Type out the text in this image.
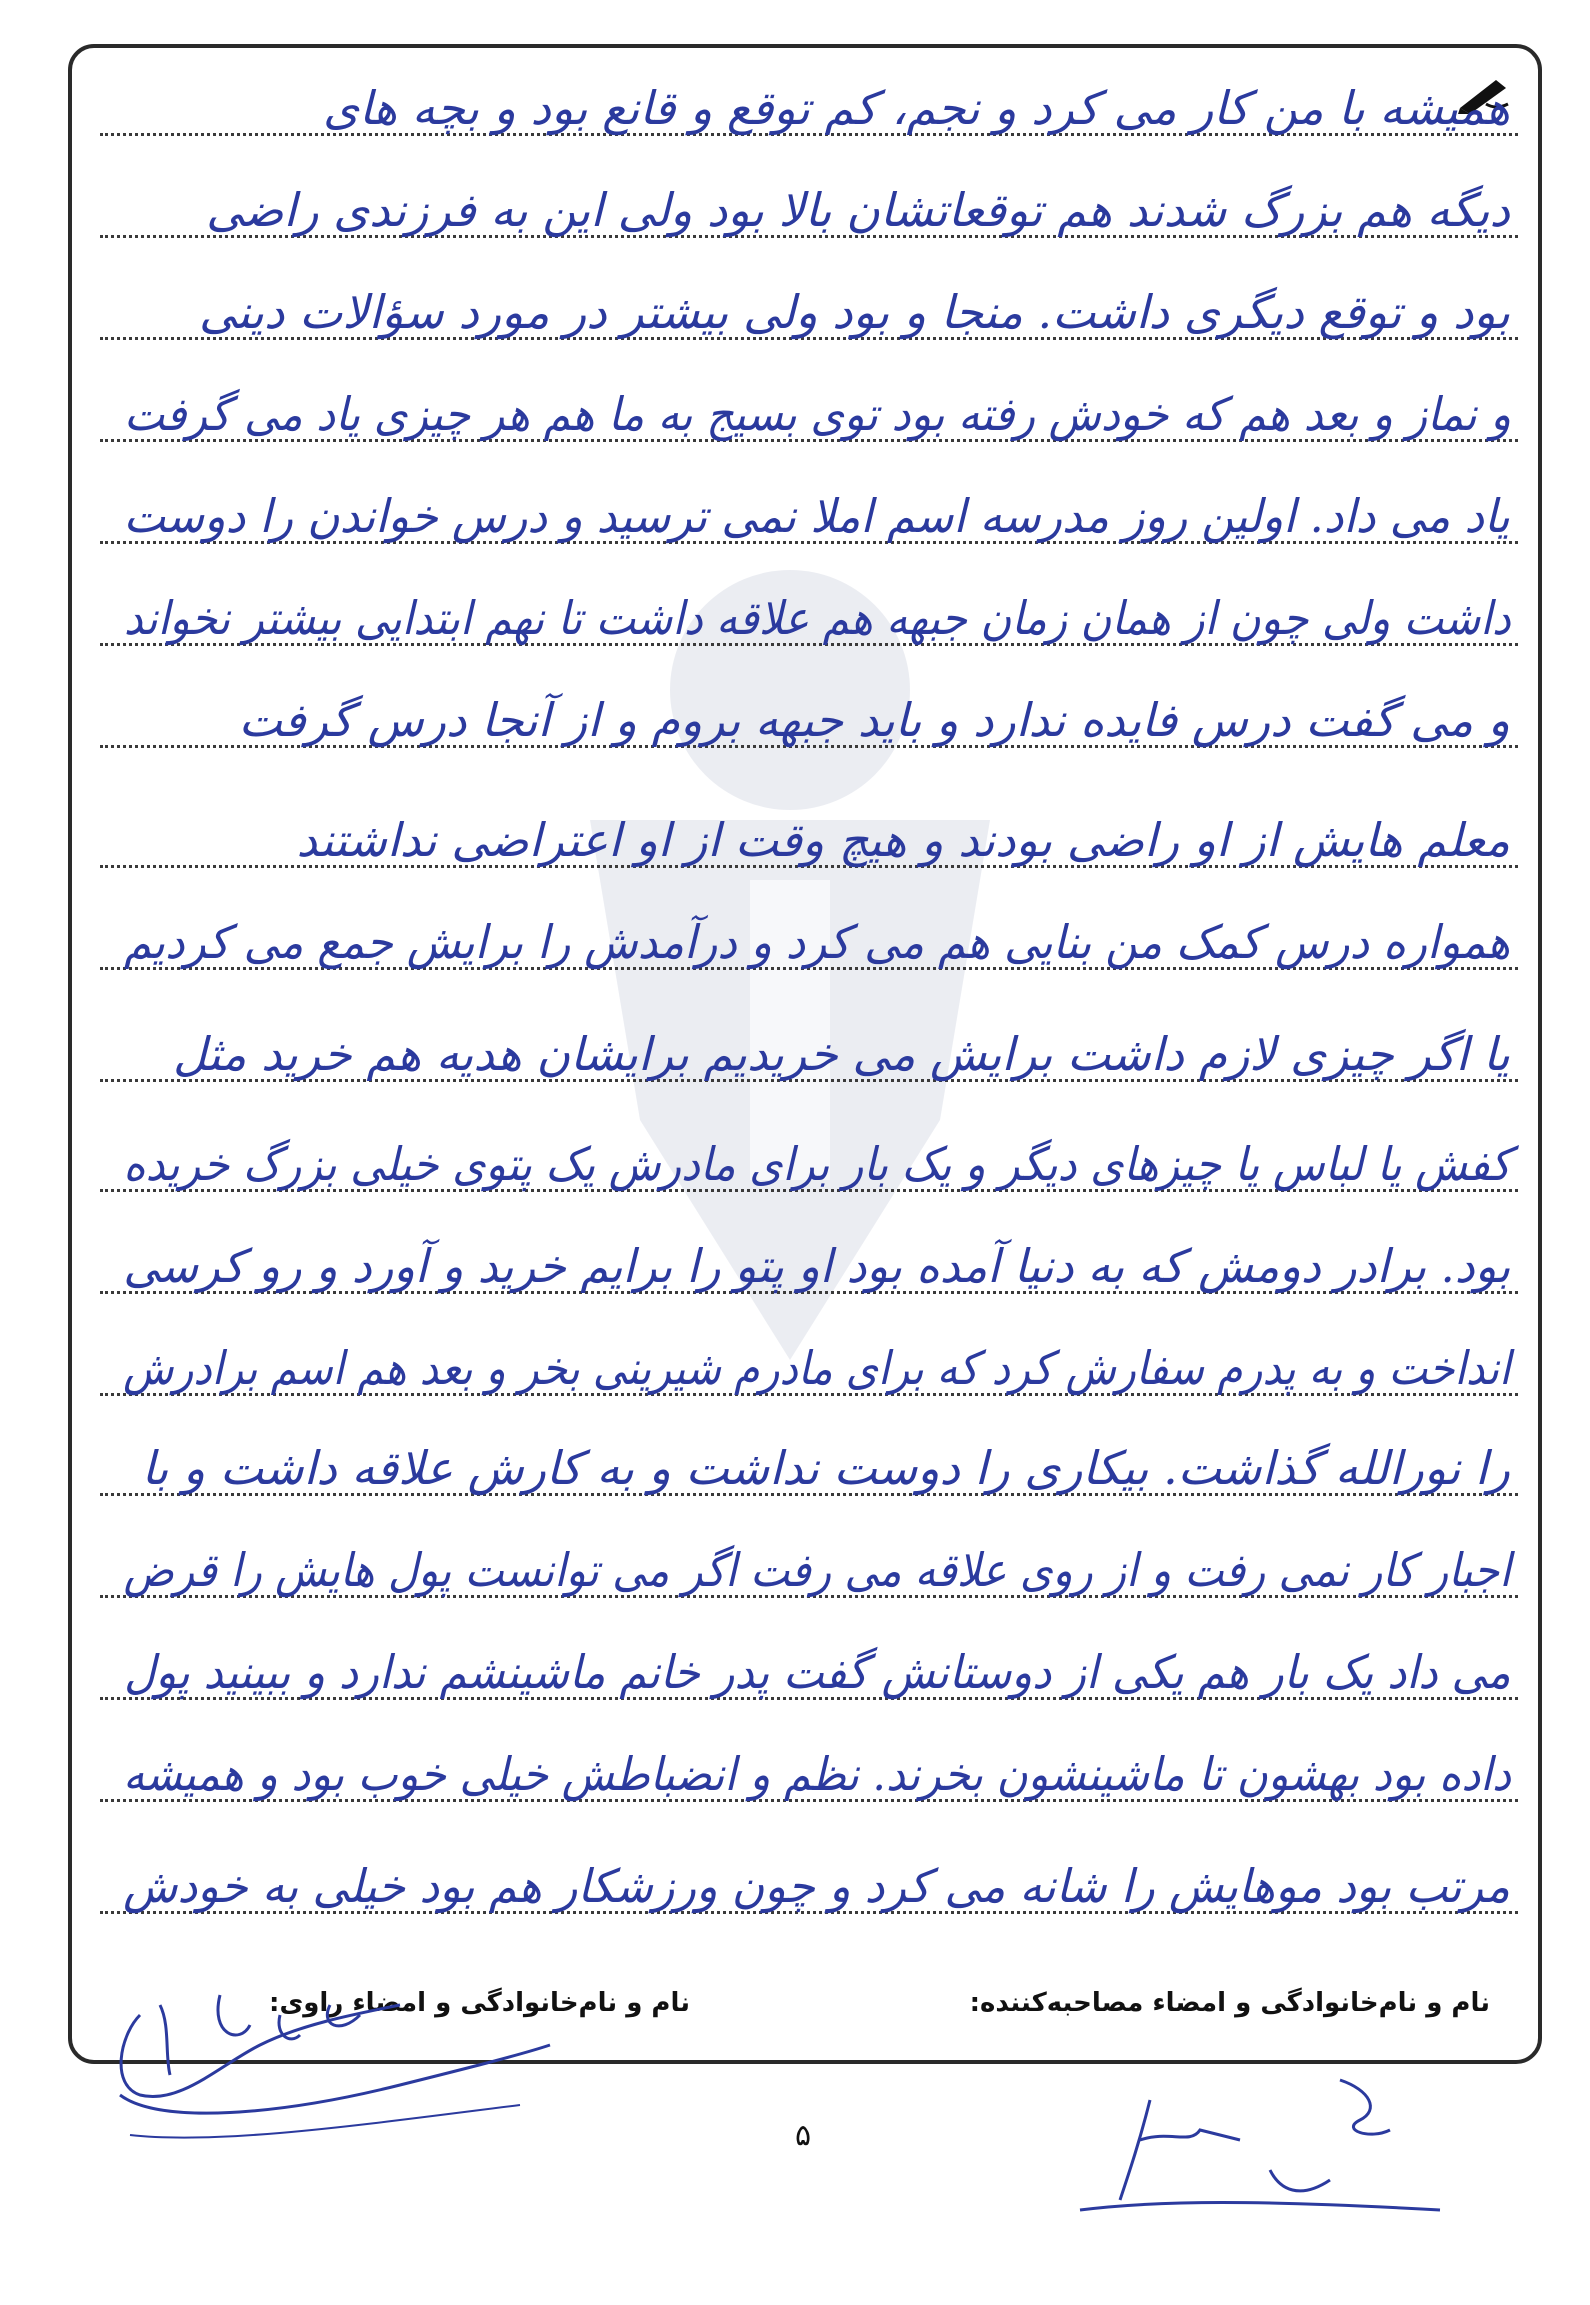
همیشه با من کار می کرد و نجم، کم توقع و قانع بود و بچه های
دیگه هم بزرگ شدند هم توقعاتشان بالا بود ولی این به فرزندی راضی
بود و توقع دیگری داشت. منجا و بود ولی بیشتر در مورد سؤالات دینی
و نماز و بعد هم که خودش رفته بود توی بسیج به ما هم هر چیزی یاد می گرفت
یاد می داد. اولین روز مدرسه اسم املا نمی ترسید و درس خواندن را دوست
داشت ولی چون از همان زمان جبهه هم علاقه داشت تا نهم ابتدایی بیشتر نخواند
و می گفت درس فایده ندارد و باید جبهه بروم و از آنجا درس گرفت
معلم هایش از او راضی بودند و هیچ وقت از او اعتراضی نداشتند
همواره درس کمک من بنایی هم می کرد و درآمدش را برایش جمع می کردیم
یا اگر چیزی لازم داشت برایش می خریدیم برایشان هدیه هم خرید مثل
کفش یا لباس یا چیزهای دیگر و یک بار برای مادرش یک پتوی خیلی بزرگ خریده
بود. برادر دومش که به دنیا آمده بود او پتو را برایم خرید و آورد و رو کرسی
انداخت و به پدرم سفارش کرد که برای مادرم شیرینی بخر و بعد هم اسم برادرش
را نورالله گذاشت. بیکاری را دوست نداشت و به کارش علاقه داشت و با
اجبار کار نمی رفت و از روی علاقه می رفت اگر می توانست پول هایش را قرض
می داد یک بار هم یکی از دوستانش گفت پدر خانم ماشینشم ندارد و ببینید پول
داده بود بهشون تا ماشینشون بخرند. نظم و انضباطش خیلی خوب بود و همیشه
مرتب بود موهایش را شانه می کرد و چون ورزشکار هم بود خیلی به خودش
نام و نام‌خانوادگی و امضاء مصاحبه‌کننده:
نام و نام‌خانوادگی و امضاء راوی:
۵
